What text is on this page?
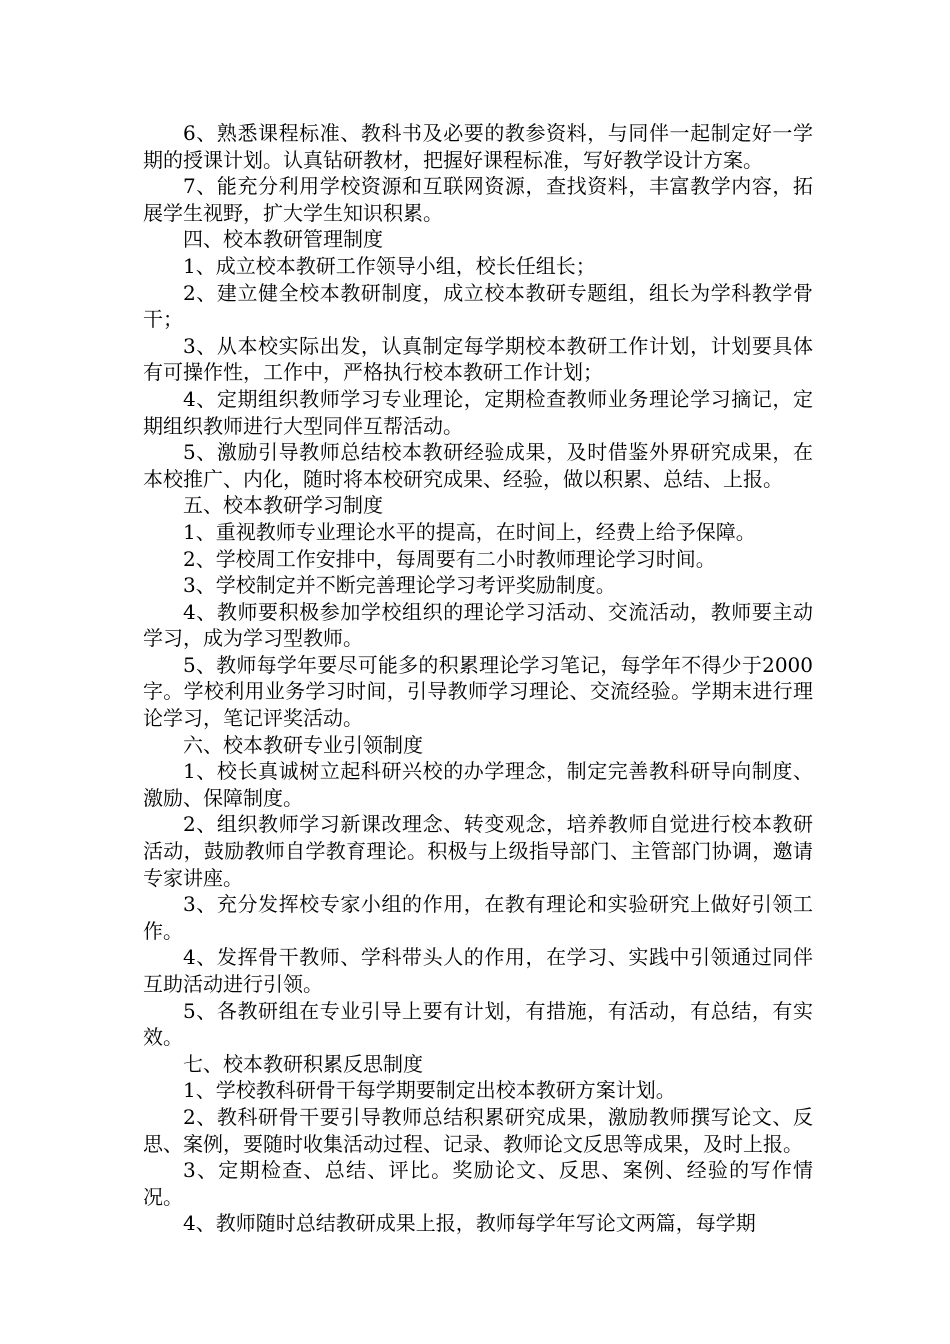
6、熟悉课程标准、教科书及必要的教参资料，与同伴一起制定好一学期的授课计划。认真钻研教材，把握好课程标准，写好教学设计方案。

7、能充分利用学校资源和互联网资源，查找资料，丰富教学内容，拓展学生视野，扩大学生知识积累。

四、校本教研管理制度

1、成立校本教研工作领导小组，校长任组长；

2、建立健全校本教研制度，成立校本教研专题组，组长为学科教学骨干；

3、从本校实际出发，认真制定每学期校本教研工作计划，计划要具体有可操作性，工作中，严格执行校本教研工作计划；

4、定期组织教师学习专业理论，定期检查教师业务理论学习摘记，定期组织教师进行大型同伴互帮活动。

5、激励引导教师总结校本教研经验成果，及时借鉴外界研究成果，在本校推广、内化，随时将本校研究成果、经验，做以积累、总结、上报。

五、校本教研学习制度

1、重视教师专业理论水平的提高，在时间上，经费上给予保障。

2、学校周工作安排中，每周要有二小时教师理论学习时间。

3、学校制定并不断完善理论学习考评奖励制度。

4、教师要积极参加学校组织的理论学习活动、交流活动，教师要主动学习，成为学习型教师。

5、教师每学年要尽可能多的积累理论学习笔记，每学年不得少于2000字。学校利用业务学习时间，引导教师学习理论、交流经验。学期末进行理论学习，笔记评奖活动。

六、校本教研专业引领制度

1、校长真诚树立起科研兴校的办学理念，制定完善教科研导向制度、激励、保障制度。

2、组织教师学习新课改理念、转变观念，培养教师自觉进行校本教研活动，鼓励教师自学教育理论。积极与上级指导部门、主管部门协调，邀请专家讲座。

3、充分发挥校专家小组的作用，在教有理论和实验研究上做好引领工作。

4、发挥骨干教师、学科带头人的作用，在学习、实践中引领通过同伴互助活动进行引领。

5、各教研组在专业引导上要有计划，有措施，有活动，有总结，有实效。

七、校本教研积累反思制度

1、学校教科研骨干每学期要制定出校本教研方案计划。

2、教科研骨干要引导教师总结积累研究成果，激励教师撰写论文、反思、案例，要随时收集活动过程、记录、教师论文反思等成果，及时上报。

3、定期检查、总结、评比。奖励论文、反思、案例、经验的写作情况。

4、教师随时总结教研成果上报，教师每学年写论文两篇，每学期
